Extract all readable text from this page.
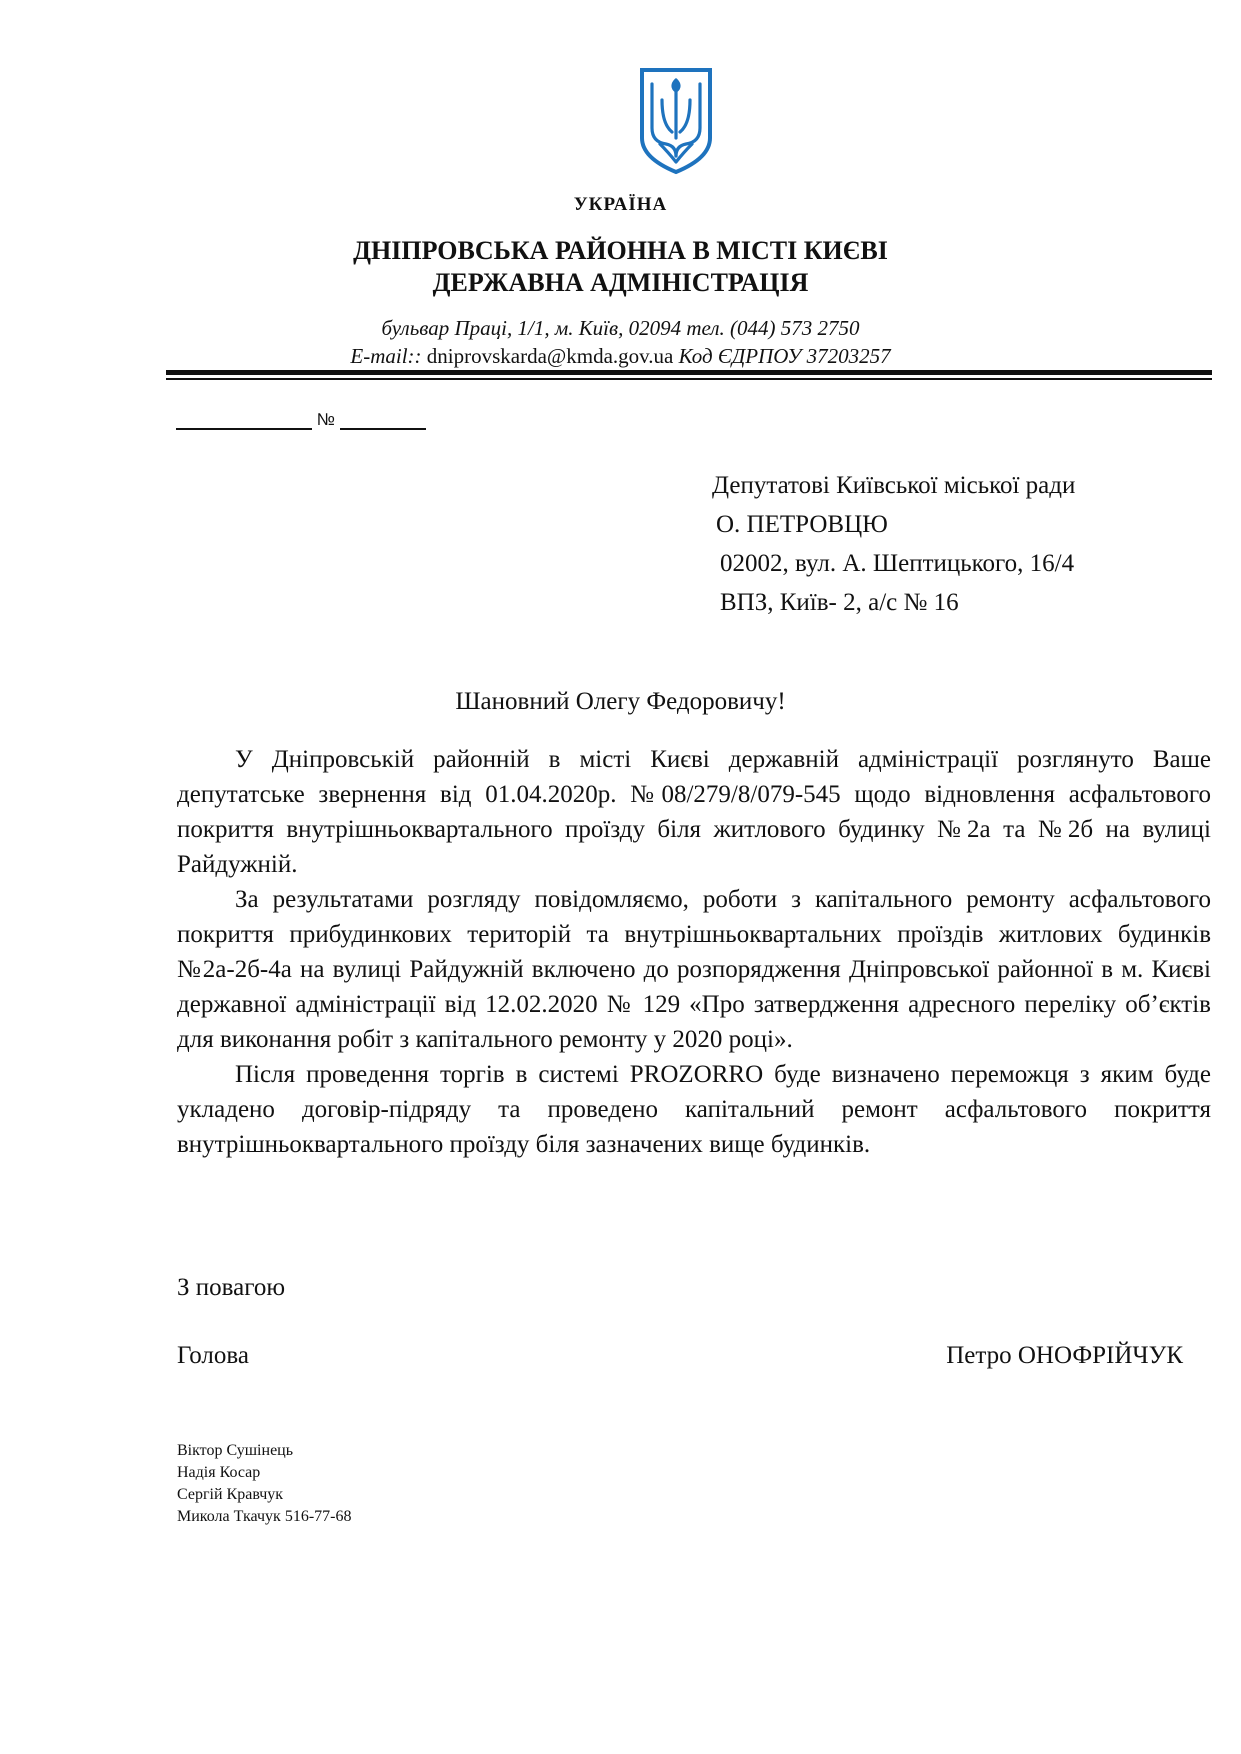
УКРАЇНА
ДНІПРОВСЬКА РАЙОННА В МІСТІ КИЄВІ
ДЕРЖАВНА АДМІНІСТРАЦІЯ
бульвар Праці, 1/1, м. Київ, 02094 тел. (044) 573 2750
E-mail:: dniprovskarda@kmda.gov.ua Код ЄДРПОУ 37203257
№
Депутатові Київської міської ради
О. ПЕТРОВЦЮ
02002, вул. А. Шептицького, 16/4
ВПЗ, Київ- 2, а/с № 16
Шановний Олегу Федоровичу!

У Дніпровській районній в місті Києві державній адміністрації розглянуто Ваше депутатське звернення від 01.04.2020р. №08/279/8/079-545 щодо відновлення асфальтового покриття внутрішньоквартального проїзду біля житлового будинку №2а та №2б на вулиці Райдужній.

За результатами розгляду повідомляємо, роботи з капітального ремонту асфальтового покриття прибудинкових територій та внутрішньоквартальних проїздів житлових будинків №2а-2б-4а на вулиці Райдужній включено до розпорядження Дніпровської районної в м. Києві державної адміністрації від 12.02.2020 № 129 «Про затвердження адресного переліку об’єктів для виконання робіт з капітального ремонту у 2020 році».

Після проведення торгів в системі PROZORRO буде визначено переможця з яким буде укладено договір-підряду та проведено капітальний ремонт асфальтового покриття внутрішньоквартального проїзду біля зазначених вище будинків.

З повагою
Голова	Петро ОНОФРІЙЧУК
Віктор Сушінець
Надія Косар
Сергій Кравчук
Микола Ткачук 516-77-68
